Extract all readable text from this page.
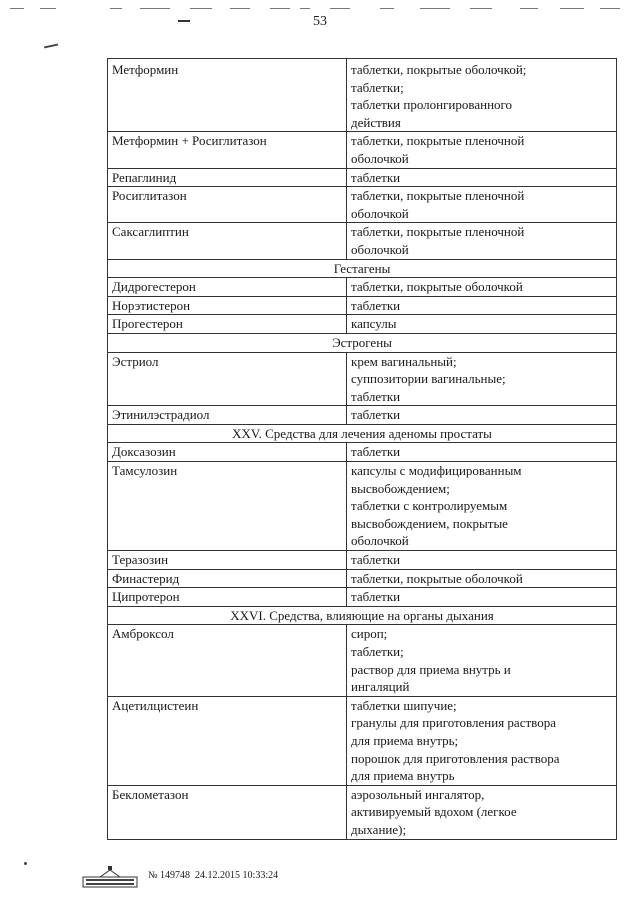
53
Метформин	таблетки, покрытые оболочкой;
таблетки;
таблетки пролонгированного
действия

Метформин + Росиглитазон	таблетки, покрытые пленочной
оболочкой

Репаглинид	таблетки

Росиглитазон	таблетки, покрытые пленочной
оболочкой

Саксаглиптин	таблетки, покрытые пленочной
оболочкой

Гестагены	
Дидрогестерон	таблетки, покрытые оболочкой

Норэтистерон	таблетки

Прогестерон	капсулы

Эстрогены	
Эстриол	крем вагинальный;
суппозитории вагинальные;
таблетки

Этинилэстрадиол	таблетки

XXV. Средства для лечения аденомы простаты	
Доксазозин	таблетки

Тамсулозин	капсулы с модифицированным
высвобождением;
таблетки с контролируемым
высвобождением, покрытые
оболочкой

Теразозин	таблетки

Финастерид	таблетки, покрытые оболочкой

Ципротерон	таблетки

XXVI. Средства, влияющие на органы дыхания	
Амброксол	сироп;
таблетки;
раствор для приема внутрь и
ингаляций

Ацетилцистеин	таблетки шипучие;
гранулы для приготовления раствора
для приема внутрь;
порошок для приготовления раствора
для приема внутрь

Беклометазон	аэрозольный ингалятор,
активируемый вдохом (легкое
дыхание);
№ 149748 24.12.2015 10:33:24
